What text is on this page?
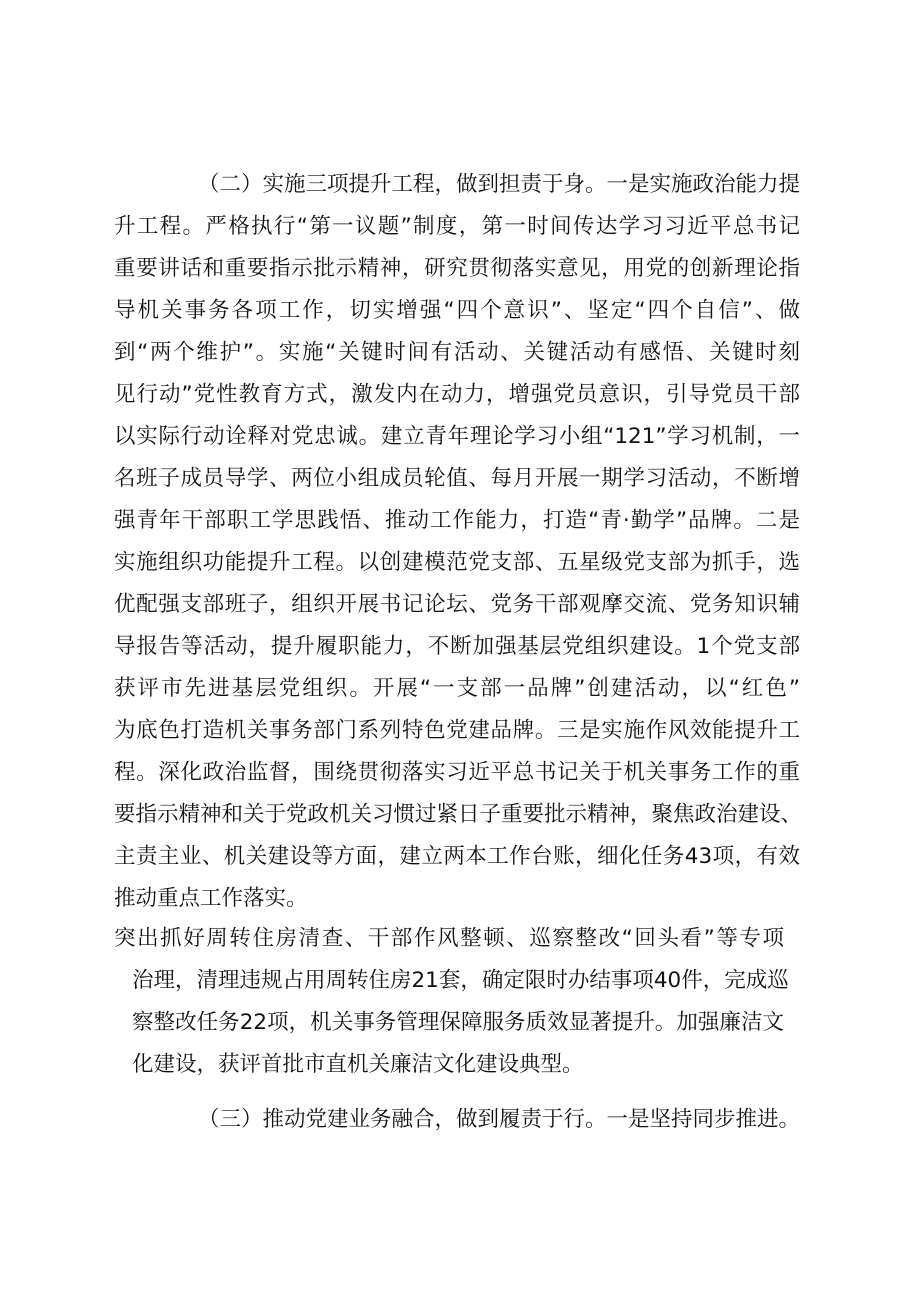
（二）实施三项提升工程，做到担责于身。一是实施政治能力提

升工程。严格执行“第一议题”制度，第一时间传达学习习近平总书记

重要讲话和重要指示批示精神，研究贯彻落实意见，用党的创新理论指

导机关事务各项工作，切实增强“四个意识”、坚定“四个自信”、做

到“两个维护”。实施“关键时间有活动、关键活动有感悟、关键时刻

见行动”党性教育方式，激发内在动力，增强党员意识，引导党员干部

以实际行动诠释对党忠诚。建立青年理论学习小组“121”学习机制，一

名班子成员导学、两位小组成员轮值、每月开展一期学习活动，不断增

强青年干部职工学思践悟、推动工作能力，打造“青·勤学”品牌。二是

实施组织功能提升工程。以创建模范党支部、五星级党支部为抓手，选

优配强支部班子，组织开展书记论坛、党务干部观摩交流、党务知识辅

导报告等活动，提升履职能力，不断加强基层党组织建设。1个党支部

获评市先进基层党组织。开展“一支部一品牌”创建活动，以“红色”

为底色打造机关事务部门系列特色党建品牌。三是实施作风效能提升工

程。深化政治监督，围绕贯彻落实习近平总书记关于机关事务工作的重

要指示精神和关于党政机关习惯过紧日子重要批示精神，聚焦政治建设、

主责主业、机关建设等方面，建立两本工作台账，细化任务43项，有效

推动重点工作落实。

突出抓好周转住房清查、干部作风整顿、巡察整改“回头看”等专项

治理，清理违规占用周转住房21套，确定限时办结事项40件，完成巡

察整改任务22项，机关事务管理保障服务质效显著提升。加强廉洁文

化建设，获评首批市直机关廉洁文化建设典型。

（三）推动党建业务融合，做到履责于行。一是坚持同步推进。
